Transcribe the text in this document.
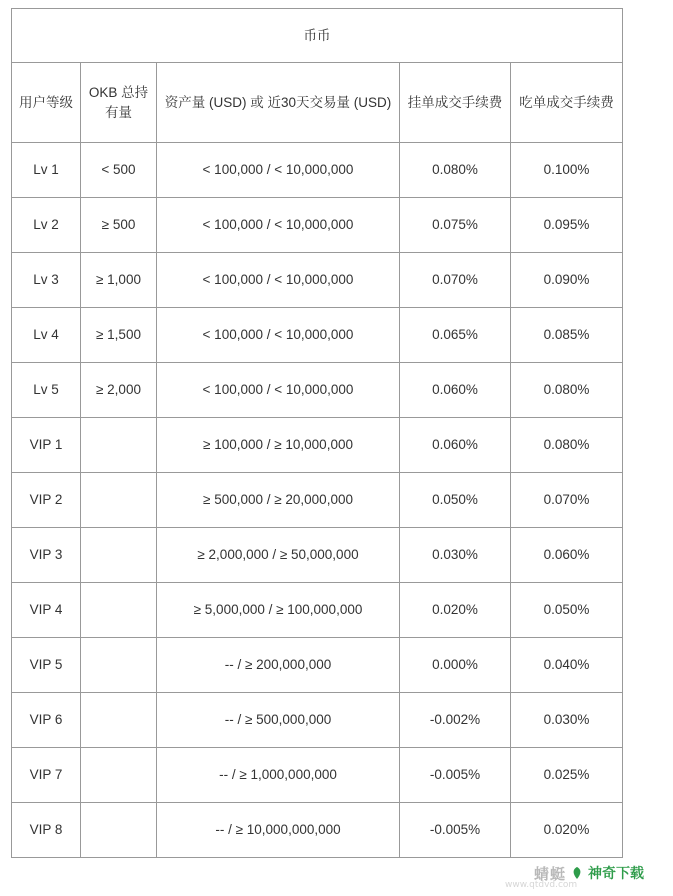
币币				
用户等级	OKB 总持有量	资产量 (USD) 或 近30天交易量 (USD)	挂单成交手续费	吃单成交手续费
Lv 1	< 500	< 100,000 / < 10,000,000	0.080%	0.100%
Lv 2	≥ 500	< 100,000 / < 10,000,000	0.075%	0.095%
Lv 3	≥ 1,000	< 100,000 / < 10,000,000	0.070%	0.090%
Lv 4	≥ 1,500	< 100,000 / < 10,000,000	0.065%	0.085%
Lv 5	≥ 2,000	< 100,000 / < 10,000,000	0.060%	0.080%
VIP 1		≥ 100,000 / ≥ 10,000,000	0.060%	0.080%
VIP 2		≥ 500,000 / ≥ 20,000,000	0.050%	0.070%
VIP 3		≥ 2,000,000 / ≥ 50,000,000	0.030%	0.060%
VIP 4		≥ 5,000,000 / ≥ 100,000,000	0.020%	0.050%
VIP 5		-- / ≥ 200,000,000	0.000%	0.040%
VIP 6		-- / ≥ 500,000,000	-0.002%	0.030%
VIP 7		-- / ≥ 1,000,000,000	-0.005%	0.025%
VIP 8		-- / ≥ 10,000,000,000	-0.005%	0.020%
蜻蜓 神奇下载
www.qtdvd.com
